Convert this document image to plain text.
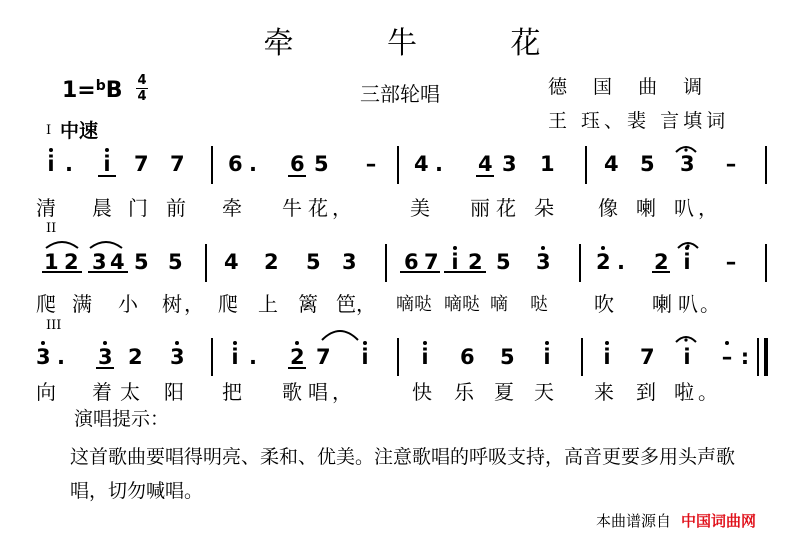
牵 牛 花
1=$^b$B 4
4	三部轮唱	德 国 曲 调
王 珏、裴 言填词
I 中速
II
III
i . i 7 7 6 . 6 5 – 4 . 4 3 1 4 5 3 –
1 2 3 4 5 5 4 2 5 3 6 7 i 2 5 3 2 . 2 i –
3 . 3 2 3 i . 2 7 i	i 6 5 i	i 7 i – :
清 晨 门 前 牵 牛 花 ，	美 丽 花 朵 像 喇 叭 ，
爬 满 小 树 ， 爬 上 篱 笆 ， 嘀哒 嘀哒 嘀 哒 吹 喇 叭 。
向 着 太 阳 把 歌 唱 ，	快 乐 夏 天 来 到 啦 。
演唱提示：
这首歌曲要唱得明亮、柔和、优美。注意歌唱的呼吸支持，高音更要多用头声歌唱，切勿喊唱。
本曲谱源自 中国词曲网
